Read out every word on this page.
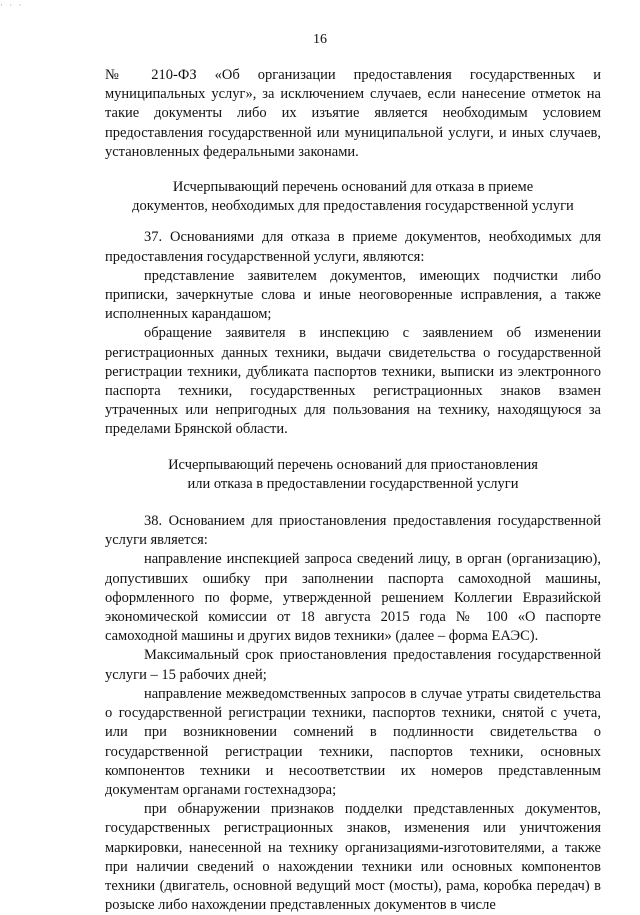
· · ·
16

№ 210-ФЗ «Об организации предоставления государственных и муниципальных услуг», за исключением случаев, если нанесение отметок на такие документы либо их изъятие является необходимым условием предоставления государственной или муниципальной услуги, и иных случаев, установленных федеральными законами.

Исчерпывающий перечень оснований для отказа в приеме
документов, необходимых для предоставления государственной услуги

37. Основаниями для отказа в приеме документов, необходимых для предоставления государственной услуги, являются:

представление заявителем документов, имеющих подчистки либо приписки, зачеркнутые слова и иные неоговоренные исправления, а также исполненных карандашом;

обращение заявителя в инспекцию с заявлением об изменении регистрационных данных техники, выдачи свидетельства о государственной регистрации техники, дубликата паспортов техники, выписки из электронного паспорта техники, государственных регистрационных знаков взамен утраченных или непригодных для пользования на технику, находящуюся за пределами Брянской области.

Исчерпывающий перечень оснований для приостановления
или отказа в предоставлении государственной услуги

38. Основанием для приостановления предоставления государственной услуги является:

направление инспекцией запроса сведений лицу, в орган (организацию), допустивших ошибку при заполнении паспорта самоходной машины, оформленного по форме, утвержденной решением Коллегии Евразийской экономической комиссии от 18 августа 2015 года № 100 «О паспорте самоходной машины и других видов техники» (далее – форма ЕАЭС).

Максимальный срок приостановления предоставления государственной услуги – 15 рабочих дней;

направление межведомственных запросов в случае утраты свидетельства о государственной регистрации техники, паспортов техники, снятой с учета, или при возникновении сомнений в подлинности свидетельства о государственной регистрации техники, паспортов техники, основных компонентов техники и несоответствии их номеров представленным документам органами гостехнадзора;

при обнаружении признаков подделки представленных документов, государственных регистрационных знаков, изменения или уничтожения маркировки, нанесенной на технику организациями-изготовителями, а также при наличии сведений о нахождении техники или основных компонентов техники (двигатель, основной ведущий мост (мосты), рама, коробка передач) в розыске либо нахождении представленных документов в числе
